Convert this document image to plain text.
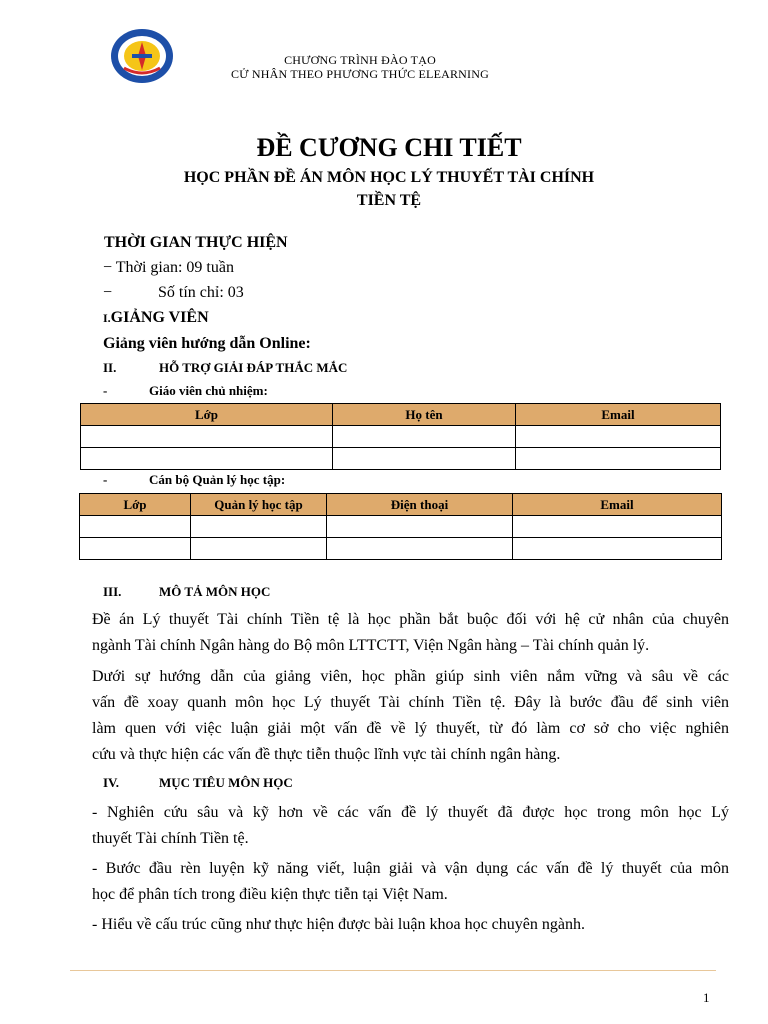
CHƯƠNG TRÌNH ĐÀO TẠO
CỬ NHÂN THEO PHƯƠNG THỨC ELEARNING
ĐỀ CƯƠNG CHI TIẾT
HỌC PHẦN ĐỀ ÁN MÔN HỌC LÝ THUYẾT TÀI CHÍNH
TIỀN TỆ
THỜI GIAN THỰC HIỆN
− Thời gian: 09 tuần
−	Số tín chỉ: 03
I.GIẢNG VIÊN
Giảng viên hướng dẫn Online:
II.	HỖ TRỢ GIẢI ĐÁP THẮC MẮC
-	Giáo viên chủ nhiệm:
Lớp	Họ tên	Email

-	Cán bộ Quản lý học tập:
Lớp	Quản lý học tập	Điện thoại	Email

III.	MÔ TẢ MÔN HỌC
Đề án Lý thuyết Tài chính Tiền tệ là học phần bắt buộc đối với hệ cử nhân của chuyên
ngành Tài chính Ngân hàng do Bộ môn LTTCTT, Viện Ngân hàng – Tài chính quản lý.
Dưới sự hướng dẫn của giảng viên, học phần giúp sinh viên nắm vững và sâu về các
vấn đề xoay quanh môn học Lý thuyết Tài chính Tiền tệ. Đây là bước đầu để sinh viên
làm quen với việc luận giải một vấn đề về lý thuyết, từ đó làm cơ sở cho việc nghiên
cứu và thực hiện các vấn đề thực tiễn thuộc lĩnh vực tài chính ngân hàng.
IV.	MỤC TIÊU MÔN HỌC
- Nghiên cứu sâu và kỹ hơn về các vấn đề lý thuyết đã được học trong môn học Lý
thuyết Tài chính Tiền tệ.
- Bước đầu rèn luyện kỹ năng viết, luận giải và vận dụng các vấn đề lý thuyết của môn
học để phân tích trong điều kiện thực tiễn tại Việt Nam.
- Hiểu về cấu trúc cũng như thực hiện được bài luận khoa học chuyên ngành.
1
